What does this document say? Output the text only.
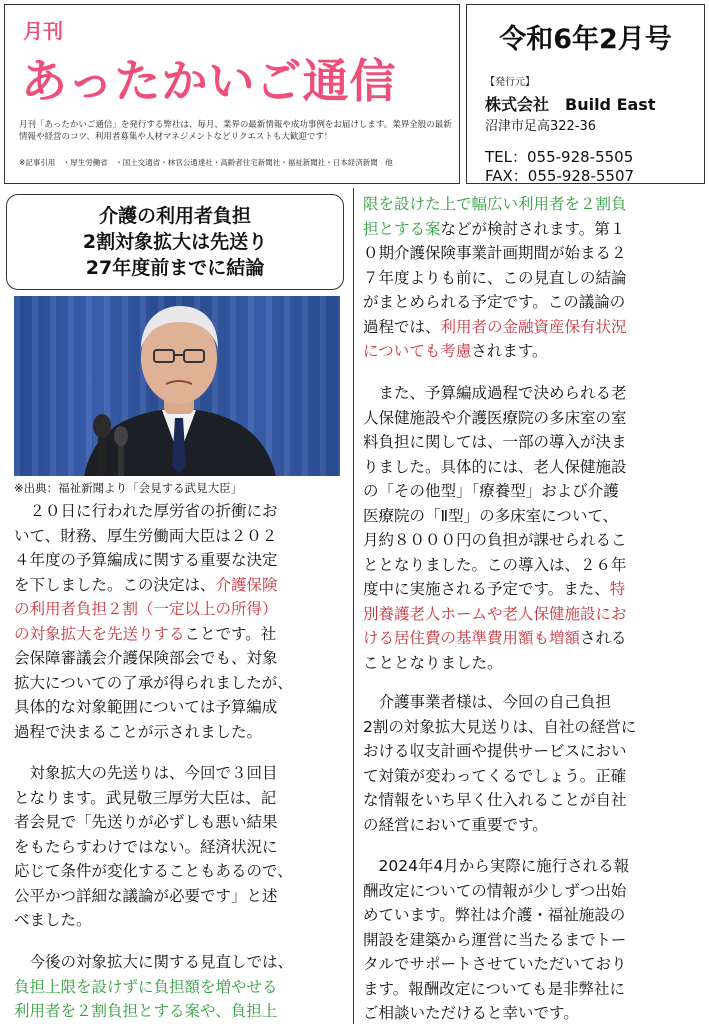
月刊
あったかいご通信
月刊「あったかいご通信」を発行する弊社は、毎月、業界の最新情報や成功事例をお届けします。業界全般の最新情報や経営のコツ、利用者募集や人材マネジメントなどリクエストも大歓迎です！
※記事引用　・厚生労働省　・国土交通省・林官公通達社・高齢者住宅新聞社・福祉新聞社・日本経済新聞　他
令和6年2月号
【発行元】
株式会社　Build East
沼津市足高322-36
TEL：055-928-5505
FAX：055-928-5507
介護の利用者負担
2割対象拡大は先送り
27年度前までに結論
※出典：福祉新聞より「会見する武見大臣」
　２０日に行われた厚労省の折衝にお
いて、財務、厚生労働両大臣は２０２
４年度の予算編成に関する重要な決定
を下しました。この決定は、介護保険
の利用者負担２割（一定以上の所得）
の対象拡大を先送りすることです。社
会保障審議会介護保険部会でも、対象
拡大についての了承が得られましたが、
具体的な対象範囲については予算編成
過程で決まることが示されました。
　対象拡大の先送りは、今回で３回目
となります。武見敬三厚労大臣は、記
者会見で「先送りが必ずしも悪い結果
をもたらすわけではない。経済状況に
応じて条件が変化することもあるので、
公平かつ詳細な議論が必要です」と述
べました。
　今後の対象拡大に関する見直しでは、
負担上限を設けずに負担額を増やせる
利用者を２割負担とする案や、負担上
限を設けた上で幅広い利用者を２割負
担とする案などが検討されます。第１
０期介護保険事業計画期間が始まる２
７年度よりも前に、この見直しの結論
がまとめられる予定です。この議論の
過程では、利用者の金融資産保有状況
についても考慮されます。
　また、予算編成過程で決められる老
人保健施設や介護医療院の多床室の室
料負担に関しては、一部の導入が決ま
りました。具体的には、老人保健施設
の「その他型」「療養型」および介護
医療院の「Ⅱ型」の多床室について、
月約８０００円の負担が課せられるこ
ととなりました。この導入は、２６年
度中に実施される予定です。また、特
別養護老人ホームや老人保健施設にお
ける居住費の基準費用額も増額される
こととなりました。
　介護事業者様は、今回の自己負担
2割の対象拡大見送りは、自社の経営に
おける収支計画や提供サービスにおい
て対策が変わってくるでしょう。正確
な情報をいち早く仕入れることが自社
の経営において重要です。
　2024年4月から実際に施行される報
酬改定についての情報が少しずつ出始
めています。弊社は介護・福祉施設の
開設を建築から運営に当たるまでトー
タルでサポートさせていただいており
ます。報酬改定についても是非弊社に
ご相談いただけると幸いです。
